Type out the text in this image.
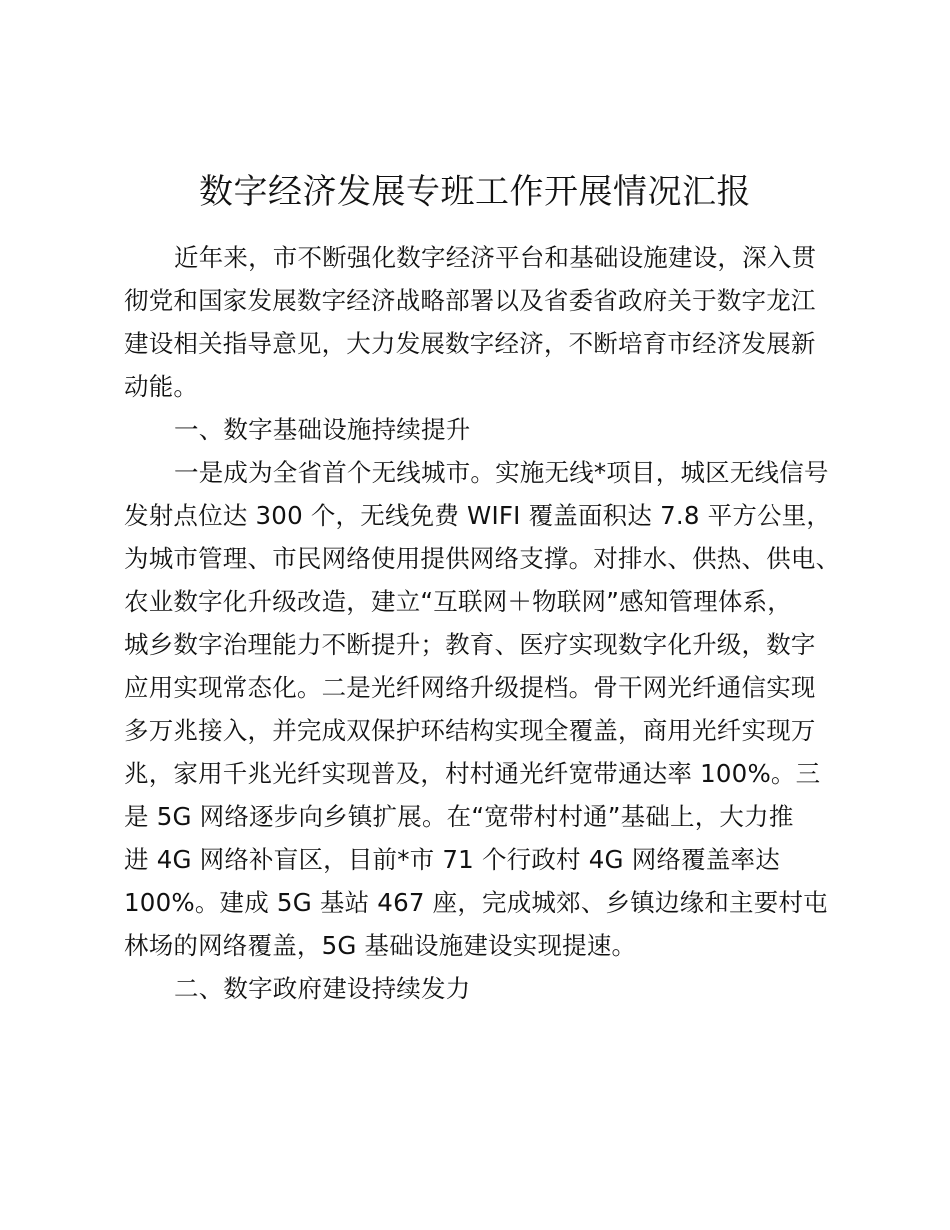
数字经济发展专班工作开展情况汇报
近年来，市不断强化数字经济平台和基础设施建设，深入贯
彻党和国家发展数字经济战略部署以及省委省政府关于数字龙江
建设相关指导意见，大力发展数字经济，不断培育市经济发展新
动能。
一、数字基础设施持续提升
一是成为全省首个无线城市。实施无线*项目，城区无线信号
发射点位达 300 个，无线免费 WIFI 覆盖面积达 7.8 平方公里，
为城市管理、市民网络使用提供网络支撑。对排水、供热、供电、
农业数字化升级改造，建立“互联网＋物联网”感知管理体系，
城乡数字治理能力不断提升；教育、医疗实现数字化升级，数字
应用实现常态化。二是光纤网络升级提档。骨干网光纤通信实现
多万兆接入，并完成双保护环结构实现全覆盖，商用光纤实现万
兆，家用千兆光纤实现普及，村村通光纤宽带通达率 100%。三
是 5G 网络逐步向乡镇扩展。在“宽带村村通”基础上，大力推
进 4G 网络补盲区，目前*市 71 个行政村 4G 网络覆盖率达
100%。建成 5G 基站 467 座，完成城郊、乡镇边缘和主要村屯
林场的网络覆盖，5G 基础设施建设实现提速。
二、数字政府建设持续发力
